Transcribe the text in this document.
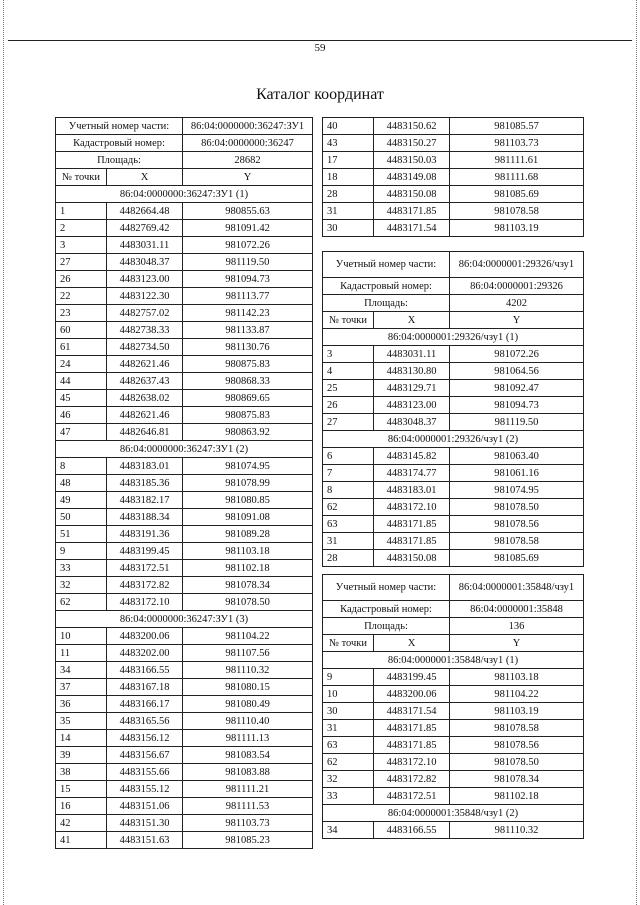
59
Каталог координат
Учетный номер части:		86:04:0000000:36247:ЗУ1
Кадастровый номер:		86:04:0000000:36247
Площадь:		28682
№ точки	X	Y
86:04:0000000:36247:ЗУ1 (1)		
1	4482664.48	980855.63
2	4482769.42	981091.42
3	4483031.11	981072.26
27	4483048.37	981119.50
26	4483123.00	981094.73
22	4483122.30	981113.77
23	4482757.02	981142.23
60	4482738.33	981133.87
61	4482734.50	981130.76
24	4482621.46	980875.83
44	4482637.43	980868.33
45	4482638.02	980869.65
46	4482621.46	980875.83
47	4482646.81	980863.92
86:04:0000000:36247:ЗУ1 (2)		
8	4483183.01	981074.95
48	4483185.36	981078.99
49	4483182.17	981080.85
50	4483188.34	981091.08
51	4483191.36	981089.28
9	4483199.45	981103.18
33	4483172.51	981102.18
32	4483172.82	981078.34
62	4483172.10	981078.50
86:04:0000000:36247:ЗУ1 (3)		
10	4483200.06	981104.22
11	4483202.00	981107.56
34	4483166.55	981110.32
37	4483167.18	981080.15
36	4483166.17	981080.49
35	4483165.56	981110.40
14	4483156.12	981111.13
39	4483156.67	981083.54
38	4483155.66	981083.88
15	4483155.12	981111.21
16	4483151.06	981111.53
42	4483151.30	981103.73
41	4483151.63	981085.23
40	4483150.62	981085.57
43	4483150.27	981103.73
17	4483150.03	981111.61
18	4483149.08	981111.68
28	4483150.08	981085.69
31	4483171.85	981078.58
30	4483171.54	981103.19
Учетный номер части:		86:04:0000001:29326/чзу1
Кадастровый номер:		86:04:0000001:29326
Площадь:		4202
№ точки	X	Y
86:04:0000001:29326/чзу1 (1)		
3	4483031.11	981072.26
4	4483130.80	981064.56
25	4483129.71	981092.47
26	4483123.00	981094.73
27	4483048.37	981119.50
86:04:0000001:29326/чзу1 (2)		
6	4483145.82	981063.40
7	4483174.77	981061.16
8	4483183.01	981074.95
62	4483172.10	981078.50
63	4483171.85	981078.56
31	4483171.85	981078.58
28	4483150.08	981085.69
Учетный номер части:		86:04:0000001:35848/чзу1
Кадастровый номер:		86:04:0000001:35848
Площадь:		136
№ точки	X	Y
86:04:0000001:35848/чзу1 (1)		
9	4483199.45	981103.18
10	4483200.06	981104.22
30	4483171.54	981103.19
31	4483171.85	981078.58
63	4483171.85	981078.56
62	4483172.10	981078.50
32	4483172.82	981078.34
33	4483172.51	981102.18
86:04:0000001:35848/чзу1 (2)		
34	4483166.55	981110.32
